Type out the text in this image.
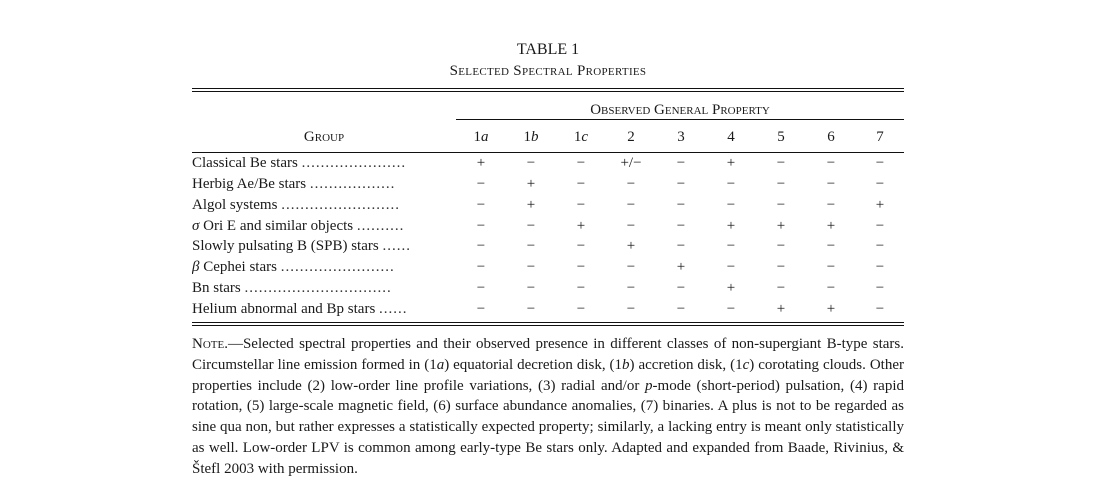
TABLE 1
Selected Spectral Properties

	Observed General Property								

Group	1a	1b	1c	2	3	4	5	6	7
Classical Be stars ......................	+	−	−	+/−	−	+	−	−	−
Herbig Ae/Be stars ..................	−	+	−	−	−	−	−	−	−
Algol systems .........................	−	+	−	−	−	−	−	−	+
σ Ori E and similar objects ..........	−	−	+	−	−	+	+	+	−
Slowly pulsating B (SPB) stars ......	−	−	−	+	−	−	−	−	−
β Cephei stars ........................	−	−	−	−	+	−	−	−	−
Bn stars ...............................	−	−	−	−	−	+	−	−	−
Helium abnormal and Bp stars ......	−	−	−	−	−	−	+	+	−
Note.—Selected spectral properties and their observed presence in different classes of non-supergiant B-type stars. Circumstellar line emission formed in (1a) equatorial decretion disk, (1b) accretion disk, (1c) corotating clouds. Other properties include (2) low-order line profile variations, (3) radial and/or p-mode (short-period) pulsation, (4) rapid rotation, (5) large-scale magnetic field, (6) surface abundance anomalies, (7) binaries. A plus is not to be regarded as sine qua non, but rather expresses a statistically expected property; similarly, a lacking entry is meant only statistically as well. Low-order LPV is common among early-type Be stars only. Adapted and expanded from Baade, Rivinius, & Štefl 2003 with permission.
